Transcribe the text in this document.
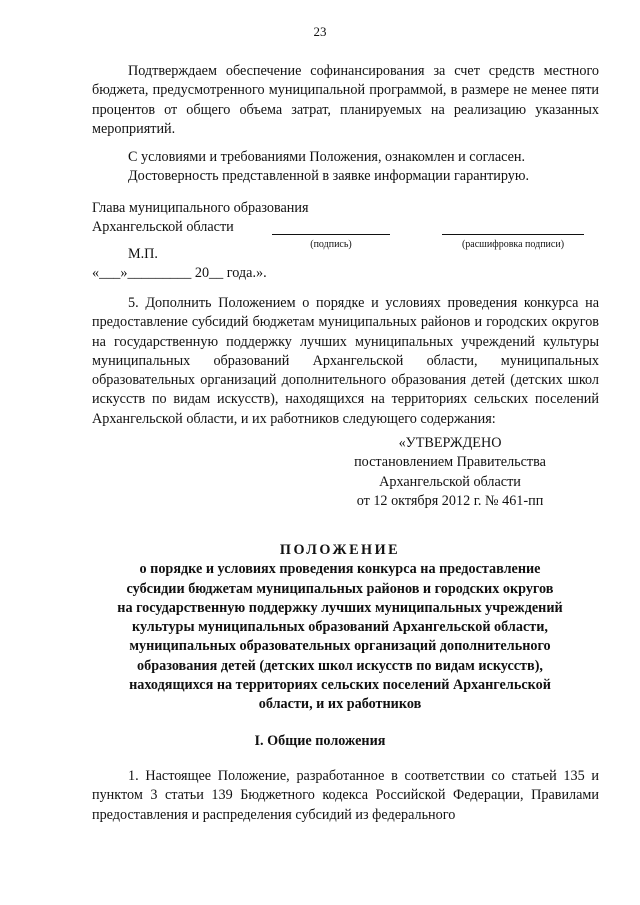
23

Подтверждаем обеспечение софинансирования за счет средств местного бюджета, предусмотренного муниципальной программой, в размере не менее пяти процентов от общего объема затрат, планируемых на реализацию указанных мероприятий.

С условиями и требованиями Положения, ознакомлен и согласен.
Достоверность представленной в заявке информации гарантирую.
Глава муниципального образования
Архангельской области
(подпись)	(расшифровка подписи)
М.П.
«___»_________ 20__ года.».

5. Дополнить Положением о порядке и условиях проведения конкурса на предоставление субсидий бюджетам муниципальных районов и городских округов на государственную поддержку лучших муниципальных учреждений культуры муниципальных образований Архангельской области, муниципальных образовательных организаций дополнительного образования детей (детских школ искусств по видам искусств), находящихся на территориях сельских поселений Архангельской области, и их работников следующего содержания:

«УТВЕРЖДЕНО
постановлением Правительства
Архангельской области
от 12 октября 2012 г. № 461-пп
ПОЛОЖЕНИЕ
о порядке и условиях проведения конкурса на предоставление
субсидии бюджетам муниципальных районов и городских округов
на государственную поддержку лучших муниципальных учреждений
культуры муниципальных образований Архангельской области,
муниципальных образовательных организаций дополнительного
образования детей (детских школ искусств по видам искусств),
находящихся на территориях сельских поселений Архангельской
области, и их работников
I. Общие положения

1. Настоящее Положение, разработанное в соответствии со статьей 135 и пунктом 3 статьи 139 Бюджетного кодекса Российской Федерации, Правилами предоставления и распределения субсидий из федерального
